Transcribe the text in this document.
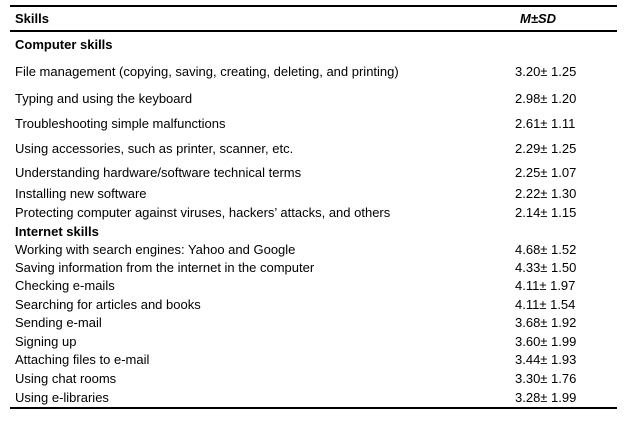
Skills	M±SD
Computer skills
File management (copying, saving, creating, deleting, and printing)	3.20± 1.25
Typing and using the keyboard	2.98± 1.20
Troubleshooting simple malfunctions	2.61± 1.11
Using accessories, such as printer, scanner, etc.	2.29± 1.25
Understanding hardware/software technical terms	2.25± 1.07
Installing new software	2.22± 1.30
Protecting computer against viruses, hackers’ attacks, and others	2.14± 1.15
Internet skills
Working with search engines: Yahoo and Google	4.68± 1.52
Saving information from the internet in the computer	4.33± 1.50
Checking e-mails	4.11± 1.97
Searching for articles and books	4.11± 1.54
Sending e-mail	3.68± 1.92
Signing up	3.60± 1.99
Attaching files to e-mail	3.44± 1.93
Using chat rooms	3.30± 1.76
Using e-libraries	3.28± 1.99
